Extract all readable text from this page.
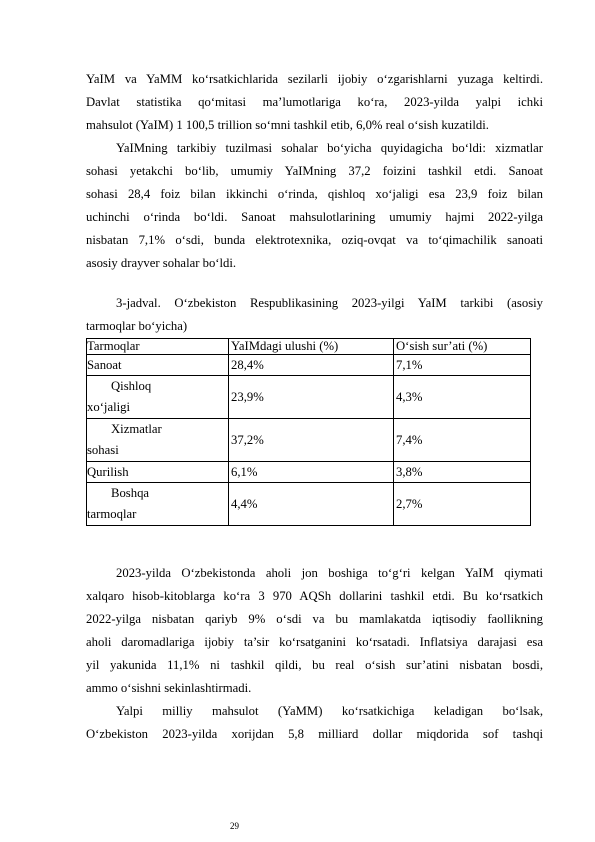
YaIM va YaMM ko‘rsatkichlarida sezilarli ijobiy o‘zgarishlarni yuzaga keltirdi.

Davlat statistika qo‘mitasi ma’lumotlariga ko‘ra, 2023-yilda yalpi ichki

mahsulot (YaIM) 1 100,5 trillion so‘mni tashkil etib, 6,0% real o‘sish kuzatildi.

YaIMning tarkibiy tuzilmasi sohalar bo‘yicha quyidagicha bo‘ldi: xizmatlar

sohasi yetakchi bo‘lib, umumiy YaIMning 37,2 foizini tashkil etdi. Sanoat

sohasi 28,4 foiz bilan ikkinchi o‘rinda, qishloq xo‘jaligi esa 23,9 foiz bilan

uchinchi o‘rinda bo‘ldi. Sanoat mahsulotlarining umumiy hajmi 2022-yilga

nisbatan 7,1% o‘sdi, bunda elektrotexnika, oziq-ovqat va to‘qimachilik sanoati

asosiy drayver sohalar bo‘ldi.

3-jadval. O‘zbekiston Respublikasining 2023-yilgi YaIM tarkibi (asosiy

tarmoqlar bo‘yicha)

Tarmoqlar	YaIMdagi ulushi (%)	O‘sish sur’ati (%)
Sanoat	28,4%	7,1%

Qishloq
xo‘jaligi	23,9%	4,3%

Xizmatlar
sohasi	37,2%	7,4%
Qurilish	6,1%	3,8%

Boshqa
tarmoqlar	4,4%	2,7%

2023-yilda O‘zbekistonda aholi jon boshiga to‘g‘ri kelgan YaIM qiymati

xalqaro hisob-kitoblarga ko‘ra 3 970 AQSh dollarini tashkil etdi. Bu ko‘rsatkich

2022-yilga nisbatan qariyb 9% o‘sdi va bu mamlakatda iqtisodiy faollikning

aholi daromadlariga ijobiy ta’sir ko‘rsatganini ko‘rsatadi. Inflatsiya darajasi esa

yil yakunida 11,1% ni tashkil qildi, bu real o‘sish sur’atini nisbatan bosdi,

ammo o‘sishni sekinlashtirmadi.

Yalpi milliy mahsulot (YaMM) ko‘rsatkichiga keladigan bo‘lsak,

O‘zbekiston 2023-yilda xorijdan 5,8 milliard dollar miqdorida sof tashqi

29
